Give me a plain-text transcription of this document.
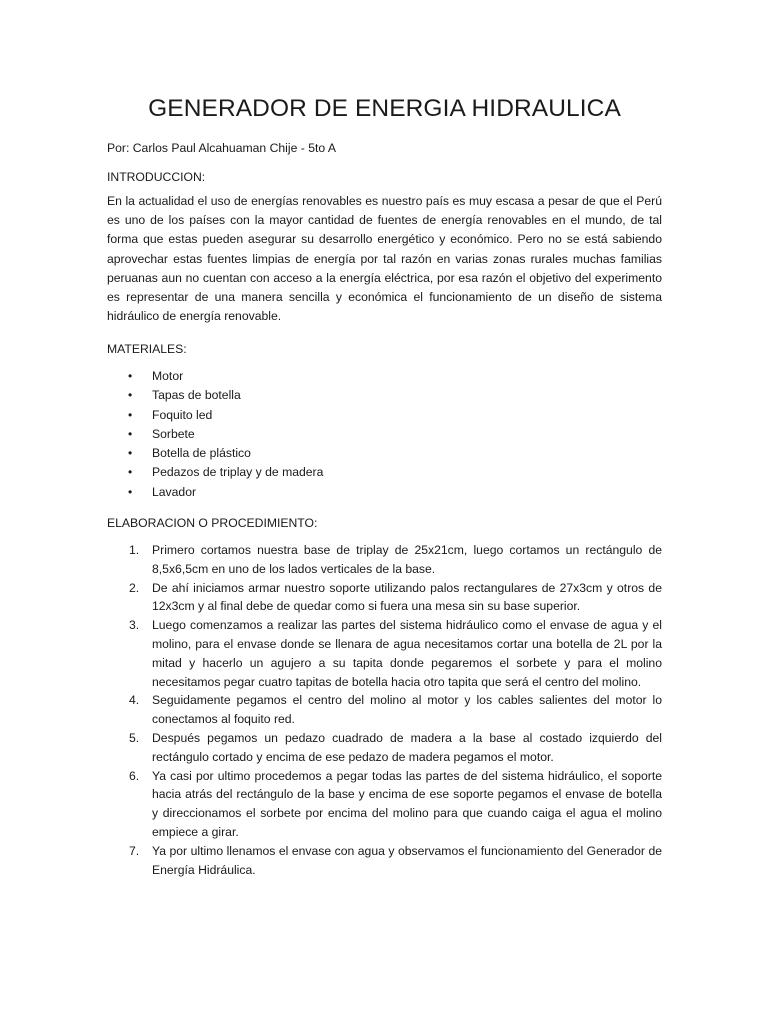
GENERADOR DE ENERGIA HIDRAULICA
Por: Carlos Paul Alcahuaman Chije - 5to A
INTRODUCCION:
En la actualidad el uso de energías renovables es nuestro país es muy escasa a pesar de que el Perú es uno de los países con la mayor cantidad de fuentes de energía renovables en el mundo, de tal forma que estas pueden asegurar su desarrollo energético y económico. Pero no se está sabiendo aprovechar estas fuentes limpias de energía por tal razón en varias zonas rurales muchas familias peruanas aun no cuentan con acceso a la energía eléctrica, por esa razón el objetivo del experimento es representar de una manera sencilla y económica el funcionamiento de un diseño de sistema hidráulico de energía renovable.
MATERIALES:
• Motor
• Tapas de botella
• Foquito led
• Sorbete
• Botella de plástico
• Pedazos de triplay y de madera
• Lavador
ELABORACION O PROCEDIMIENTO:
1. Primero cortamos nuestra base de triplay de 25x21cm, luego cortamos un rectángulo de 8,5x6,5cm en uno de los lados verticales de la base.
2. De ahí iniciamos armar nuestro soporte utilizando palos rectangulares de 27x3cm y otros de 12x3cm y al final debe de quedar como si fuera una mesa sin su base superior.
3. Luego comenzamos a realizar las partes del sistema hidráulico como el envase de agua y el molino, para el envase donde se llenara de agua necesitamos cortar una botella de 2L por la mitad y hacerlo un agujero a su tapita donde pegaremos el sorbete y para el molino necesitamos pegar cuatro tapitas de botella hacia otro tapita que será el centro del molino.
4. Seguidamente pegamos el centro del molino al motor y los cables salientes del motor lo conectamos al foquito red.
5. Después pegamos un pedazo cuadrado de madera a la base al costado izquierdo del rectángulo cortado y encima de ese pedazo de madera pegamos el motor.
6. Ya casi por ultimo procedemos a pegar todas las partes de del sistema hidráulico, el soporte hacia atrás del rectángulo de la base y encima de ese soporte pegamos el envase de botella y direccionamos el sorbete por encima del molino para que cuando caiga el agua el molino empiece a girar.
7. Ya por ultimo llenamos el envase con agua y observamos el funcionamiento del Generador de Energía Hidráulica.
